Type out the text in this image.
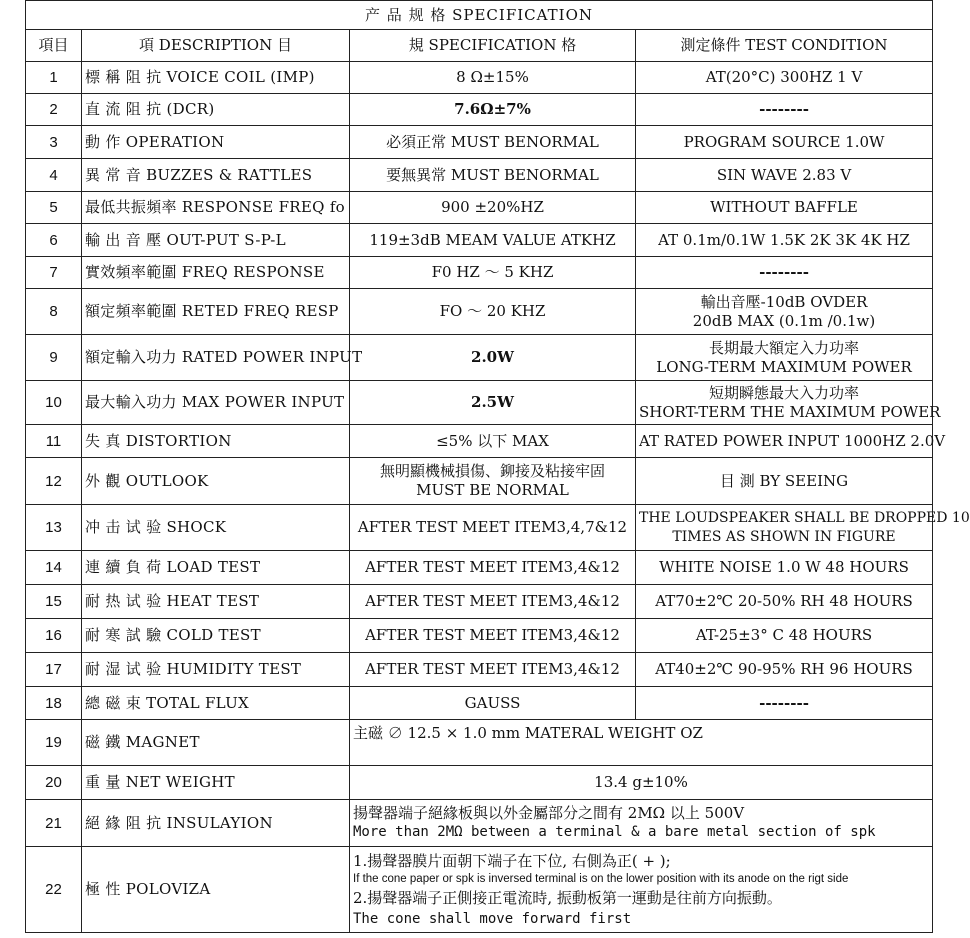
产 品 规 格 SPECIFICATION			
項目	項 DESCRIPTION 目	規 SPECIFICATION 格	測定條件 TEST CONDITION
1	標 稱 阻 抗 VOICE COIL (IMP)	8 Ω±15%	AT(20°C) 300HZ 1 V
2	直 流 阻 抗 (DCR)	7.6Ω±7%	--------
3	動 作 OPERATION	必須正常 MUST BENORMAL	PROGRAM SOURCE 1.0W
4	異 常 音 BUZZES & RATTLES	要無異常 MUST BENORMAL	SIN WAVE 2.83 V
5	最低共振頻率 RESPONSE FREQ fo	900 ±20%HZ	WITHOUT BAFFLE
6	輸 出 音 壓 OUT-PUT S-P-L	119±3dB MEAM VALUE ATKHZ	AT 0.1m/0.1W 1.5K 2K 3K 4K HZ
7	實效頻率範圍 FREQ RESPONSE	F0 HZ ～ 5 KHZ	--------
8	額定頻率範圍 RETED FREQ RESP	FO ～ 20 KHZ	輸出音壓-10dB OVDER
20dB MAX (0.1m /0.1w)

9	額定輸入功力 RATED POWER INPUT	2.0W	長期最大額定入力功率
LONG-TERM MAXIMUM POWER

10	最大輸入功力 MAX POWER INPUT	2.5W	短期瞬態最大入力功率
SHORT-TERM THE MAXIMUM POWER

11	失 真 DISTORTION	≤5% 以下 MAX	AT RATED POWER INPUT 1000HZ 2.0V
12	外 觀 OUTLOOK	無明顯機械損傷、鉚接及粘接牢固
MUST BE NORMAL	目 測 BY SEEING
13	冲 击 试 验 SHOCK	AFTER TEST MEET ITEM3,4,7&12	THE LOUDSPEAKER SHALL BE DROPPED 10
TIMES AS SHOWN IN FIGURE

14	連 續 負 荷 LOAD TEST	AFTER TEST MEET ITEM3,4&12	WHITE NOISE 1.0 W 48 HOURS
15	耐 热 试 验 HEAT TEST	AFTER TEST MEET ITEM3,4&12	AT70±2℃ 20-50% RH 48 HOURS
16	耐 寒 試 驗 COLD TEST	AFTER TEST MEET ITEM3,4&12	AT-25±3° C 48 HOURS
17	耐 湿 试 验 HUMIDITY TEST	AFTER TEST MEET ITEM3,4&12	AT40±2℃ 90-95% RH 96 HOURS
18	總 磁 束 TOTAL FLUX	GAUSS	--------
19	磁 鐵 MAGNET	主磁 ∅ 12.5 × 1.0 mm MATERAL WEIGHT OZ	
20	重 量 NET WEIGHT	13.4 g±10%	
21	絕 緣 阻 抗 INSULAYION	揚聲器端子絕緣板與以外金屬部分之間有 2MΩ 以上 500V
More than 2MΩ between a terminal & a bare metal section of spk	

22	極 性 POLOVIZA	1.揚聲器膜片面朝下端子在下位, 右側為正( + );
If the cone paper or spk is inversed terminal is on the lower position with its anode on the rigt side
2.揚聲器端子正側接正電流時, 振動板第一運動是往前方向振動。
The cone shall move forward first	
